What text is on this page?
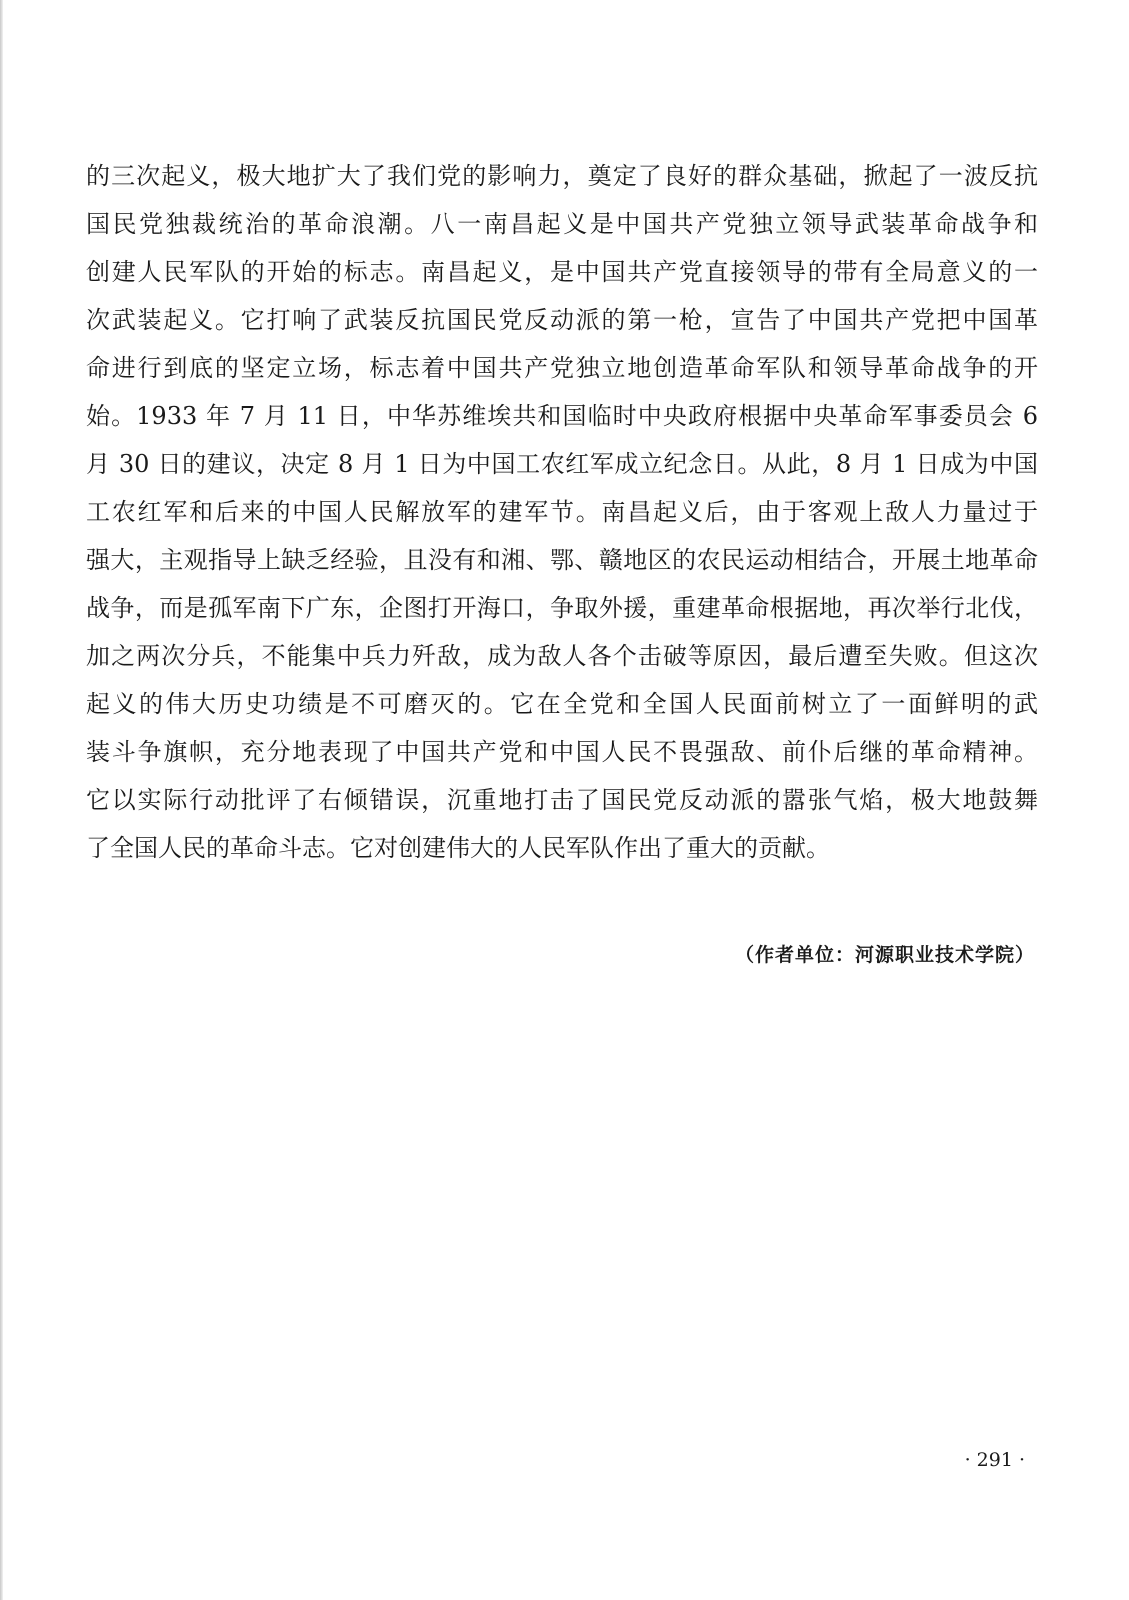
的三次起义，极大地扩大了我们党的影响力，奠定了良好的群众基础，掀起了一波反抗
国民党独裁统治的革命浪潮。八一南昌起义是中国共产党独立领导武装革命战争和
创建人民军队的开始的标志。南昌起义，是中国共产党直接领导的带有全局意义的一
次武装起义。它打响了武装反抗国民党反动派的第一枪，宣告了中国共产党把中国革
命进行到底的坚定立场，标志着中国共产党独立地创造革命军队和领导革命战争的开
始。1933 年 7 月 11 日，中华苏维埃共和国临时中央政府根据中央革命军事委员会 6
月 30 日的建议，决定 8 月 1 日为中国工农红军成立纪念日。从此，8 月 1 日成为中国
工农红军和后来的中国人民解放军的建军节。南昌起义后，由于客观上敌人力量过于
强大，主观指导上缺乏经验，且没有和湘、鄂、赣地区的农民运动相结合，开展土地革命
战争，而是孤军南下广东，企图打开海口，争取外援，重建革命根据地，再次举行北伐，
加之两次分兵，不能集中兵力歼敌，成为敌人各个击破等原因，最后遭至失败。但这次
起义的伟大历史功绩是不可磨灭的。它在全党和全国人民面前树立了一面鲜明的武
装斗争旗帜，充分地表现了中国共产党和中国人民不畏强敌、前仆后继的革命精神。
它以实际行动批评了右倾错误，沉重地打击了国民党反动派的嚣张气焰，极大地鼓舞
了全国人民的革命斗志。它对创建伟大的人民军队作出了重大的贡献。
（作者单位：河源职业技术学院）
· 291 ·
